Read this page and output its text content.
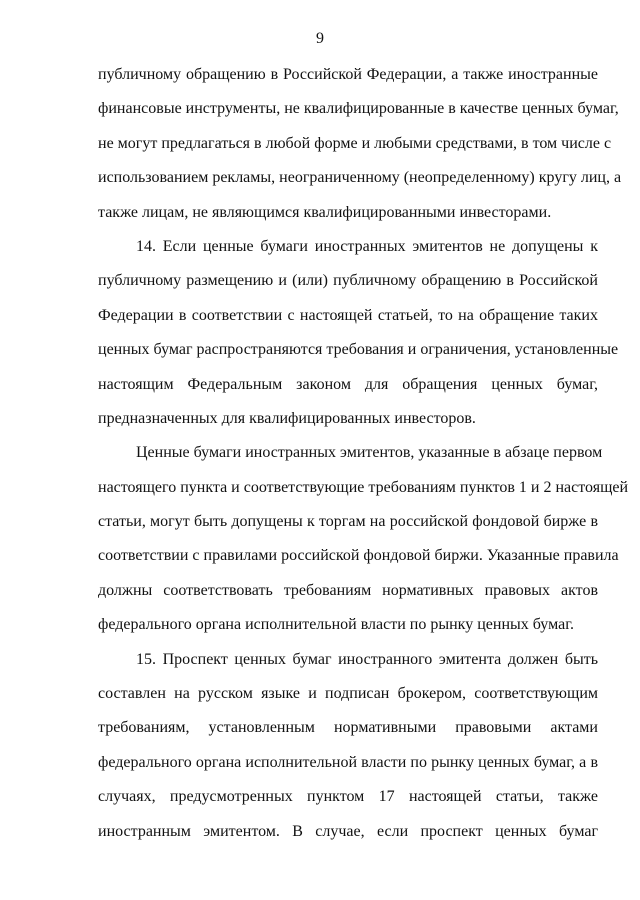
9
публичному обращению в Российской Федерации, а также иностранные
финансовые инструменты, не квалифицированные в качестве ценных бумаг,
не могут предлагаться в любой форме и любыми средствами, в том числе с
использованием рекламы, неограниченному (неопределенному) кругу лиц, а
также лицам, не являющимся квалифицированными инвесторами.
14. Если ценные бумаги иностранных эмитентов не допущены к
публичному размещению и (или) публичному обращению в Российской
Федерации в соответствии с настоящей статьей, то на обращение таких
ценных бумаг распространяются требования и ограничения, установленные
настоящим Федеральным законом для обращения ценных бумаг,
предназначенных для квалифицированных инвесторов.
Ценные бумаги иностранных эмитентов, указанные в абзаце первом
настоящего пункта и соответствующие требованиям пунктов 1 и 2 настоящей
статьи, могут быть допущены к торгам на российской фондовой бирже в
соответствии с правилами российской фондовой биржи. Указанные правила
должны соответствовать требованиям нормативных правовых актов
федерального органа исполнительной власти по рынку ценных бумаг.
15. Проспект ценных бумаг иностранного эмитента должен быть
составлен на русском языке и подписан брокером, соответствующим
требованиям, установленным нормативными правовыми актами
федерального органа исполнительной власти по рынку ценных бумаг, а в
случаях, предусмотренных пунктом 17 настоящей статьи, также
иностранным эмитентом. В случае, если проспект ценных бумаг
